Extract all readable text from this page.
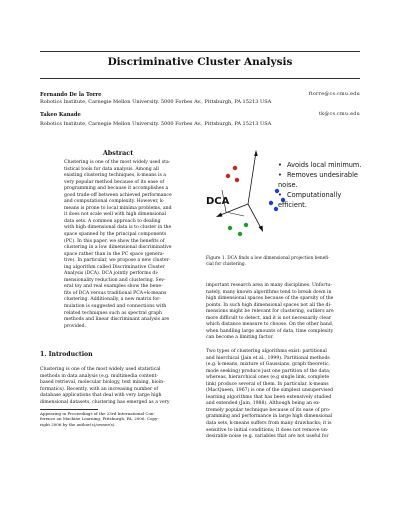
Discriminative Cluster Analysis
Fernando De la Torre	ftorre@cs.cmu.edu
Robotics Institute, Carnegie Mellon University. 5000 Forbes Av., Pittsburgh, PA 15213 USA
Takeo Kanade	tk@cs.cmu.edu
Robotics Institute, Carnegie Mellon University. 5000 Forbes Av., Pittsburgh, PA 15213 USA
Abstract
Clustering is one of the most widely used sta-
tistical tools for data analysis. Among all
existing clustering techniques, k-means is a
very popular method because of its ease of
programming and because it accomplishes a
good trade-off between achieved performance
and computational complexity. However, k-
means is prone to local minima problems, and
it does not scale well with high dimensional
data sets. A common approach to dealing
with high dimensional data is to cluster in the
space spanned by the principal components
(PC). In this paper, we show the benefits of
clustering in a low dimensional discriminative
space rather than in the PC space (genera-
tive). In particular, we propose a new cluster-
ing algorithm called Discriminative Cluster
Analysis (DCA). DCA jointly performs di-
mensionality reduction and clustering. Sev-
eral toy and real examples show the bene-
fits of DCA versus traditional PCA+k-means
clustering. Additionally, a new matrix for-
mulation is suggested and connections with
related techniques such as spectral graph
methods and linear discriminant analysis are
provided.
1. Introduction
Clustering is one of the most widely used statistical
methods in data analysis (e.g. multimedia content-
based retrieval, molecular biology, text mining, bioin-
formatics). Recently, with an increasing number of
database applications that deal with very large high
dimensional datasets, clustering has emerged as a very
Appearing in Proceedings of the 23rd International Con-
ference on Machine Learning, Pittsburgh, PA, 2006. Copy-
right 2006 by the author(s)/owner(s).
DCA
• Avoids local minimum.
• Removes undesirable noise.
• Computationally efficient.
Figure 1. DCA finds a low dimensional projection benefi-
cial for clustering.
important research area in many disciplines. Unfortu-
nately, many known algorithms tend to break down in
high dimensional spaces because of the sparsity of the
points. In such high dimensional spaces not all the di-
mensions might be relevant for clustering, outliers are
more difficult to detect, and it is not necessarily clear
which distance measure to choose. On the other hand,
when handling large amounts of data, time complexity
can become a limiting factor.
Two types of clustering algorithms exist: partitional
and hierchical (Jain et al., 1999). Partitional methods
(e.g. k-means, mixture of Gaussians, graph theoretic,
mode seeking) produce just one partition of the data;
whereas, hierarchical ones (e.g single link, complete
link) produce several of them. In particular, k-means
(MacQueen, 1967) is one of the simplest unsupervised
learning algorithms that has been extensively studied
and extended (Jain, 1988). Although being an ex-
tremely popular technique because of its ease of pro-
gramming and performance in large high dimensional
data sets, k-means suffers from many drawbacks; it is
sensitive to initial conditions; it does not remove un-
desirable noise (e.g. variables that are not useful for
